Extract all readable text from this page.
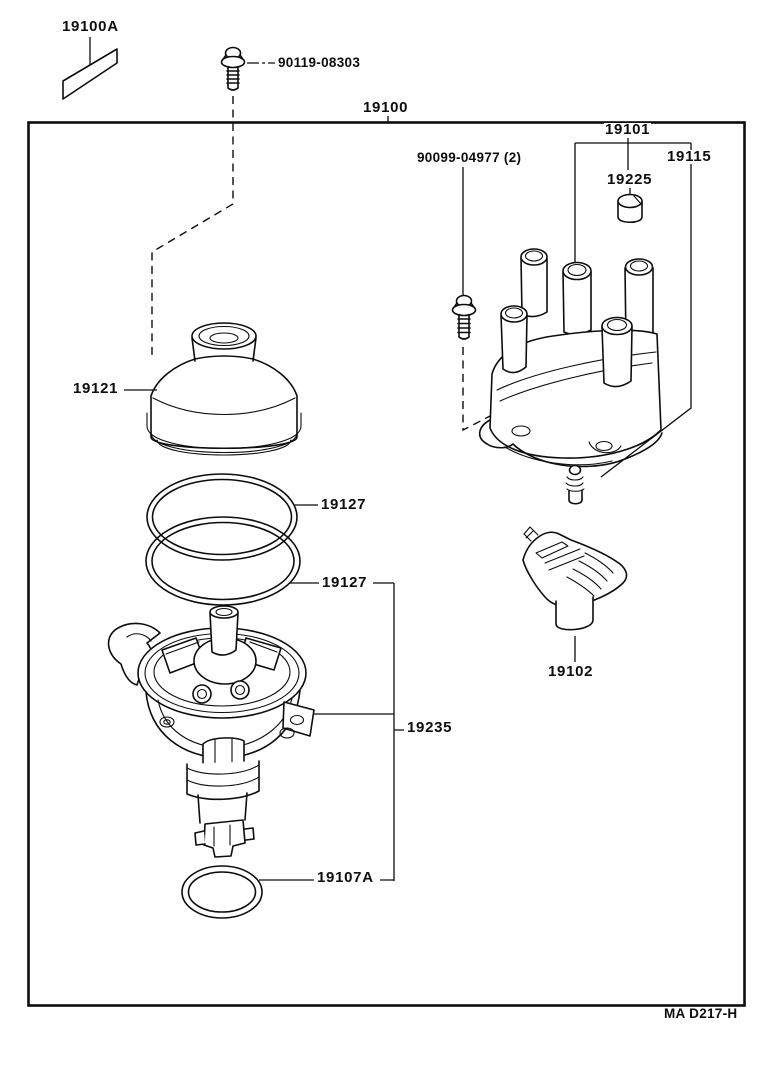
19100A
90119-08303
19100
90099-04977 (2)
19101
19115
19225
19121
19127
19127
19102
19235
19107A
MA D217-H
